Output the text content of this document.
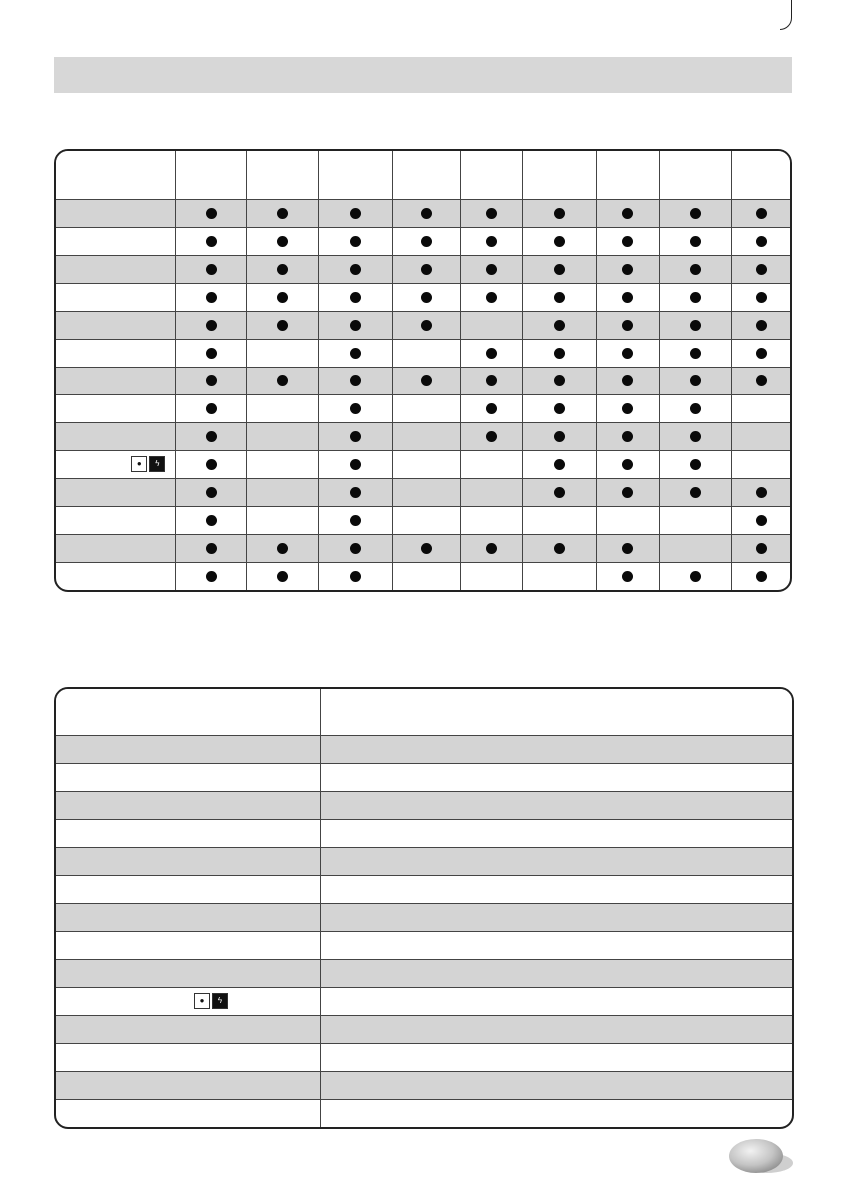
●	ϟ
●	ϟ
